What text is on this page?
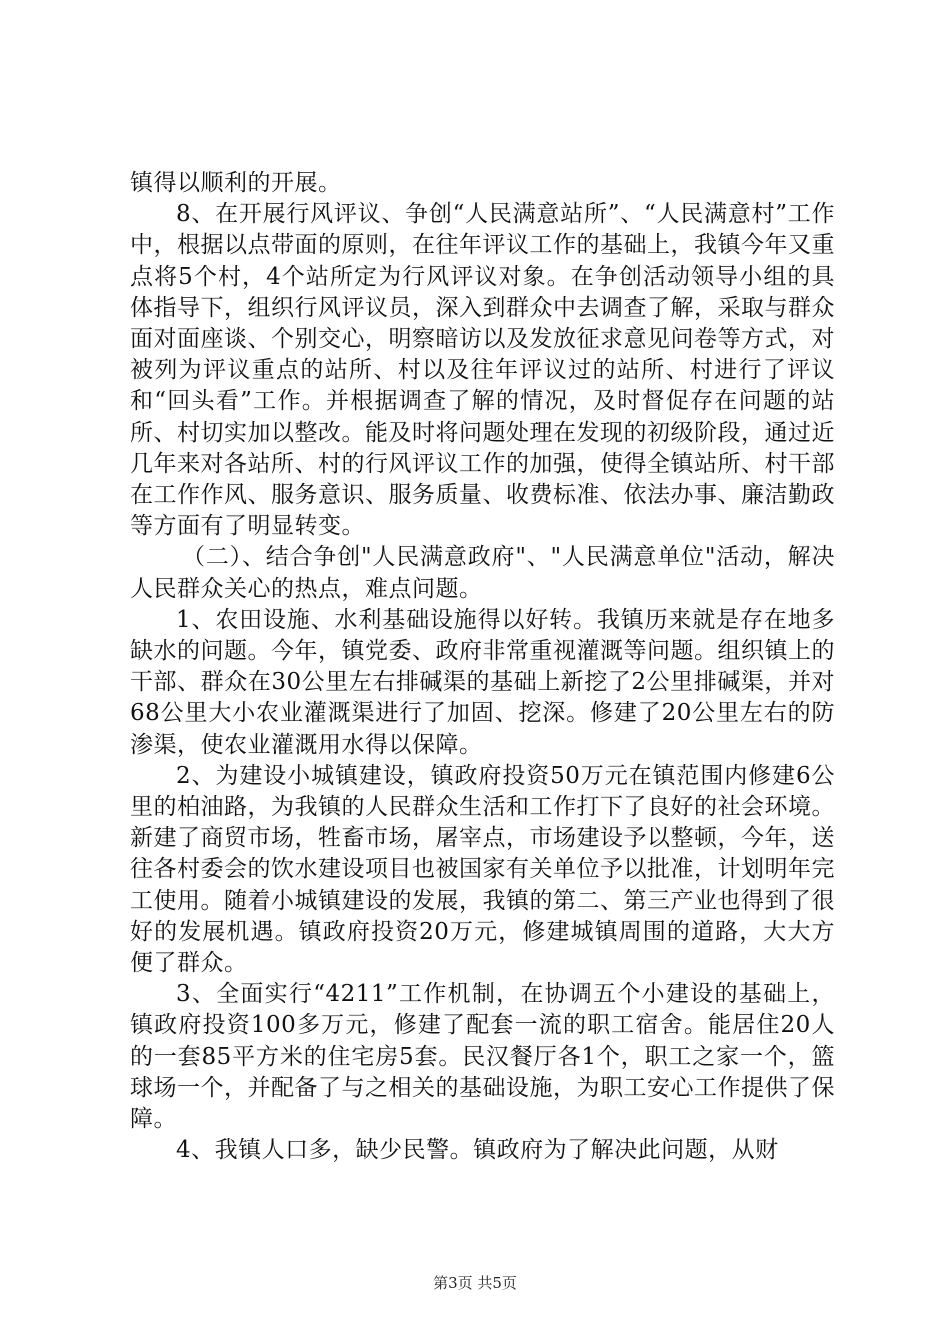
镇得以顺利的开展。

8、在开展行风评议、争创“人民满意站所”、“人民满意村”工作中，根据以点带面的原则，在往年评议工作的基础上，我镇今年又重点将5个村，4个站所定为行风评议对象。在争创活动领导小组的具体指导下，组织行风评议员，深入到群众中去调查了解，采取与群众面对面座谈、个别交心，明察暗访以及发放征求意见问卷等方式，对被列为评议重点的站所、村以及往年评议过的站所、村进行了评议和“回头看”工作。并根据调查了解的情况，及时督促存在问题的站所、村切实加以整改。能及时将问题处理在发现的初级阶段，通过近几年来对各站所、村的行风评议工作的加强，使得全镇站所、村干部在工作作风、服务意识、服务质量、收费标准、依法办事、廉洁勤政等方面有了明显转变。

（二）、结合争创"人民满意政府"、"人民满意单位"活动，解决人民群众关心的热点，难点问题。

1、农田设施、水利基础设施得以好转。我镇历来就是存在地多缺水的问题。今年，镇党委、政府非常重视灌溉等问题。组织镇上的干部、群众在30公里左右排碱渠的基础上新挖了2公里排碱渠，并对68公里大小农业灌溉渠进行了加固、挖深。修建了20公里左右的防渗渠，使农业灌溉用水得以保障。

2、为建设小城镇建设，镇政府投资50万元在镇范围内修建6公里的柏油路，为我镇的人民群众生活和工作打下了良好的社会环境。新建了商贸市场，牲畜市场，屠宰点，市场建设予以整顿，今年，送往各村委会的饮水建设项目也被国家有关单位予以批准，计划明年完工使用。随着小城镇建设的发展，我镇的第二、第三产业也得到了很好的发展机遇。镇政府投资20万元，修建城镇周围的道路，大大方便了群众。

3、全面实行“4211”工作机制，在协调五个小建设的基础上，镇政府投资100多万元，修建了配套一流的职工宿舍。能居住20人的一套85平方米的住宅房5套。民汉餐厅各1个，职工之家一个，篮球场一个，并配备了与之相关的基础设施，为职工安心工作提供了保障。

4、我镇人口多，缺少民警。镇政府为了解决此问题，从财

第3页 共5页
